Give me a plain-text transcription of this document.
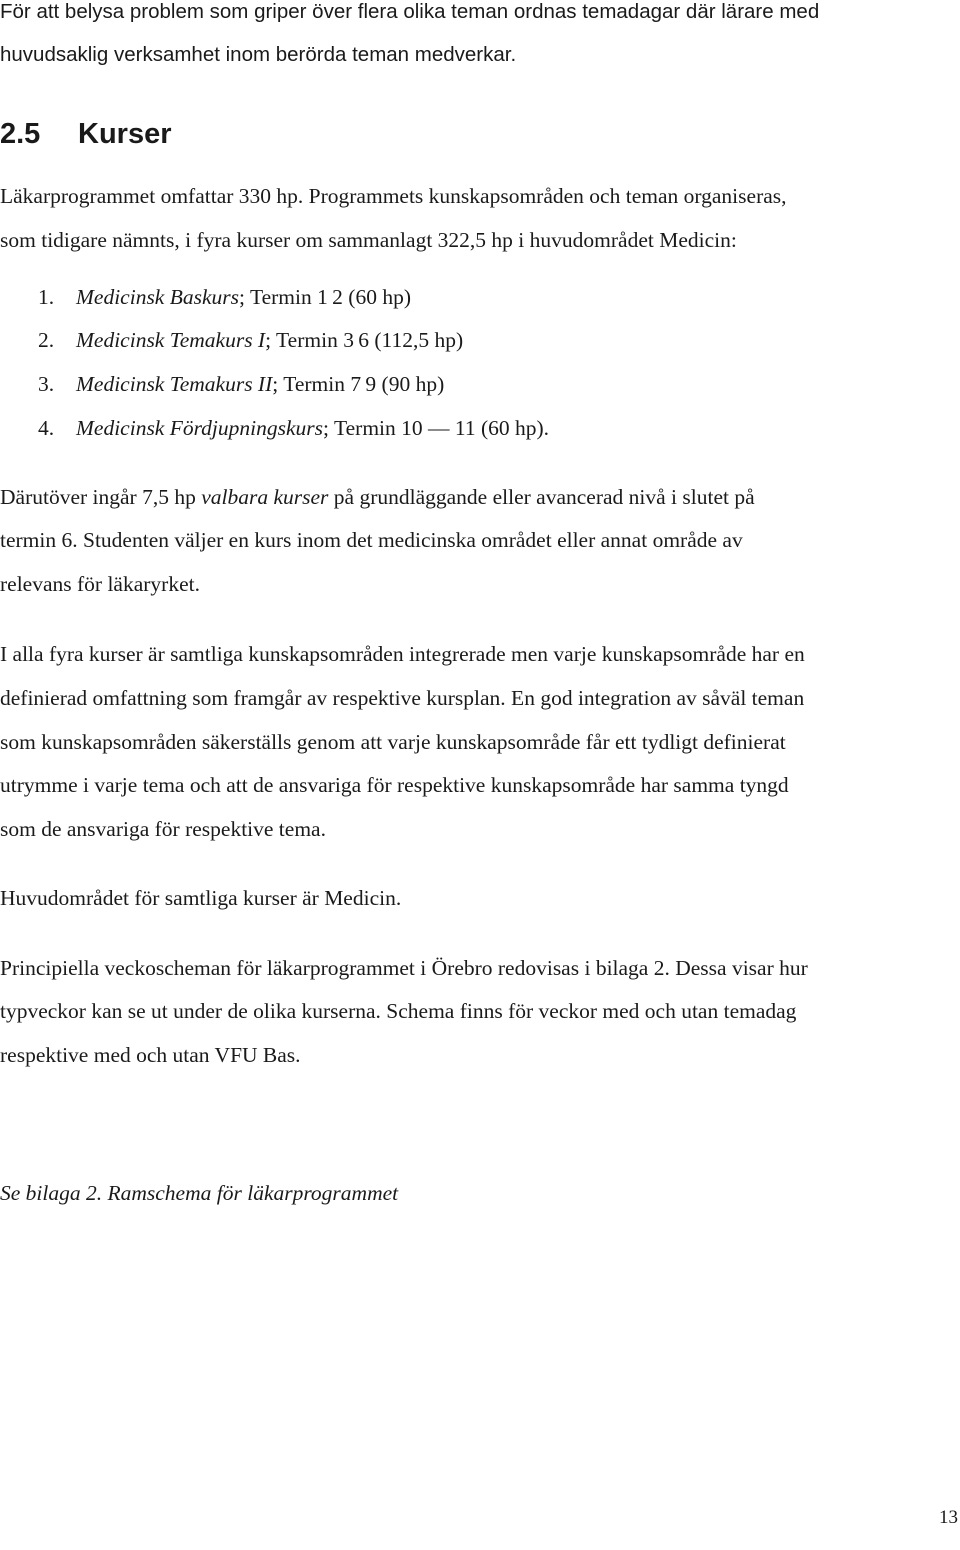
För att belysa problem som griper över flera olika teman ordnas temadagar där lärare med
huvudsaklig verksamhet inom berörda teman medverkar.
2.5 Kurser
Läkarprogrammet omfattar 330 hp. Programmets kunskapsområden och teman organiseras,
som tidigare nämnts, i fyra kurser om sammanlagt 322,5 hp i huvudområdet Medicin:
1. Medicinsk Baskurs; Termin 1 2 (60 hp)
2. Medicinsk Temakurs I; Termin 3 6 (112,5 hp)
3. Medicinsk Temakurs II; Termin 7 9 (90 hp)
4. Medicinsk Fördjupningskurs; Termin 10 — 11 (60 hp).
Därutöver ingår 7,5 hp valbara kurser på grundläggande eller avancerad nivå i slutet på
termin 6. Studenten väljer en kurs inom det medicinska området eller annat område av
relevans för läkaryrket.
I alla fyra kurser är samtliga kunskapsområden integrerade men varje kunskapsområde har en
definierad omfattning som framgår av respektive kursplan. En god integration av såväl teman
som kunskapsområden säkerställs genom att varje kunskapsområde får ett tydligt definierat
utrymme i varje tema och att de ansvariga för respektive kunskapsområde har samma tyngd
som de ansvariga för respektive tema.
Huvudområdet för samtliga kurser är Medicin.
Principiella veckoscheman för läkarprogrammet i Örebro redovisas i bilaga 2. Dessa visar hur
typveckor kan se ut under de olika kurserna. Schema finns för veckor med och utan temadag
respektive med och utan VFU Bas.
Se bilaga 2. Ramschema för läkarprogrammet
13
